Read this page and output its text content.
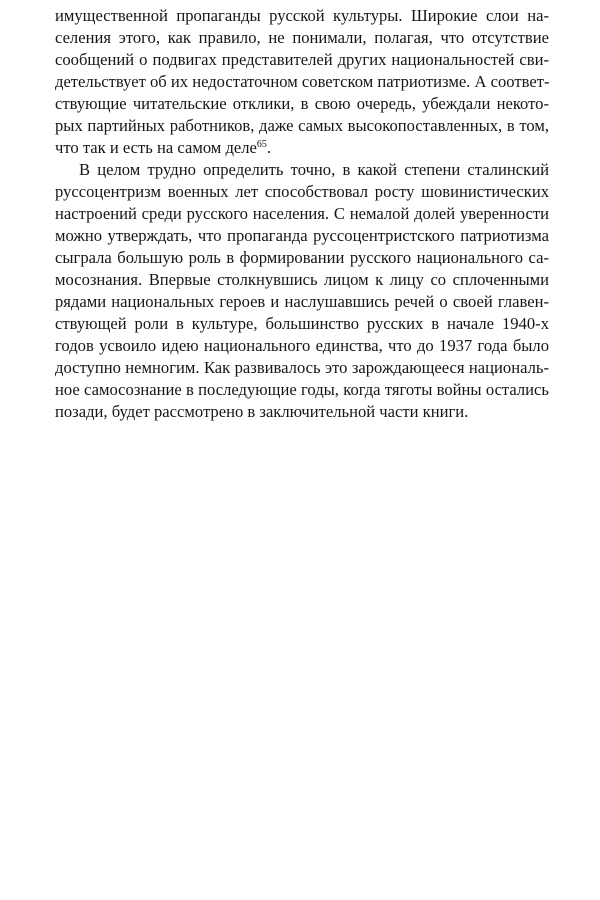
имущественной пропаганды русской культуры. Широкие слои на-
селения этого, как правило, не понимали, полагая, что отсутствие
сообщений о подвигах представителей других национальностей сви-
детельствует об их недостаточном советском патриотизме. А соответ-
ствующие читательские отклики, в свою очередь, убеждали некото-
рых партийных работников, даже самых высокопоставленных, в том,
что так и есть на самом деле$^{65}$.
В целом трудно определить точно, в какой степени сталинский
руссоцентризм военных лет способствовал росту шовинистических
настроений среди русского населения. С немалой долей уверенности
можно утверждать, что пропаганда руссоцентристского патриотизма
сыграла большую роль в формировании русского национального са-
мосознания. Впервые столкнувшись лицом к лицу со сплоченными
рядами национальных героев и наслушавшись речей о своей главен-
ствующей роли в культуре, большинство русских в начале 1940-х
годов усвоило идею национального единства, что до 1937 года было
доступно немногим. Как развивалось это зарождающееся националь-
ное самосознание в последующие годы, когда тяготы войны остались
позади, будет рассмотрено в заключительной части книги.
